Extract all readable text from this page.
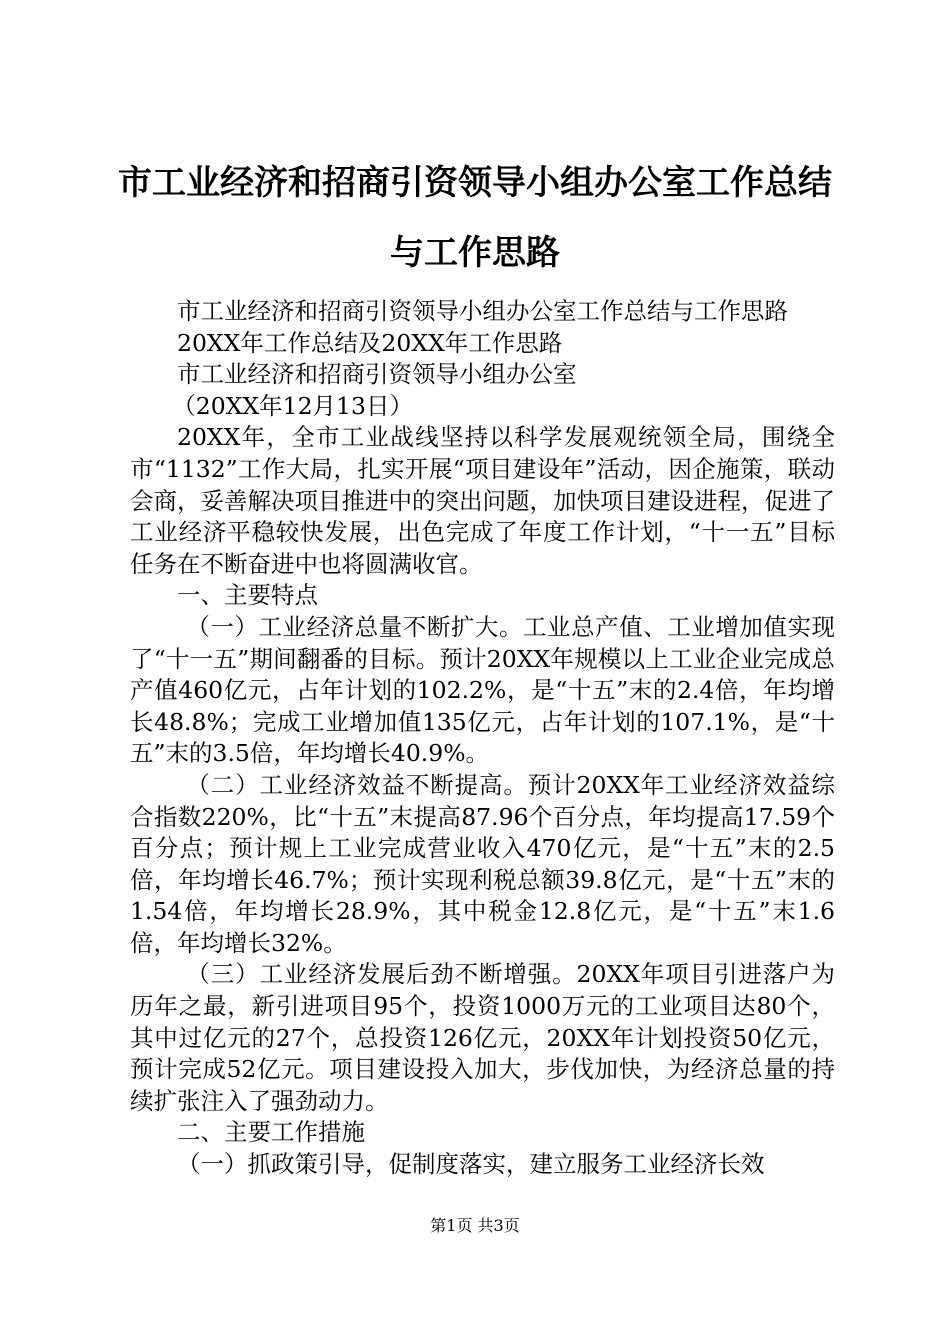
市工业经济和招商引资领导小组办公室工作总结与工作思路

市工业经济和招商引资领导小组办公室工作总结与工作思路

20XX年工作总结及20XX年工作思路

市工业经济和招商引资领导小组办公室

（20XX年12月13日）

20XX年，全市工业战线坚持以科学发展观统领全局，围绕全市“1132”工作大局，扎实开展“项目建设年”活动，因企施策，联动会商，妥善解决项目推进中的突出问题，加快项目建设进程，促进了工业经济平稳较快发展，出色完成了年度工作计划，“十一五”目标任务在不断奋进中也将圆满收官。

一、主要特点

（一）工业经济总量不断扩大。工业总产值、工业增加值实现了“十一五”期间翻番的目标。预计20XX年规模以上工业企业完成总产值460亿元，占年计划的102.2%，是“十五”末的2.4倍，年均增长48.8%；完成工业增加值135亿元，占年计划的107.1%，是“十五”末的3.5倍，年均增长40.9%。

（二）工业经济效益不断提高。预计20XX年工业经济效益综合指数220%，比“十五”末提高87.96个百分点，年均提高17.59个百分点；预计规上工业完成营业收入470亿元，是“十五”末的2.5倍，年均增长46.7%；预计实现利税总额39.8亿元，是“十五”末的1.54倍，年均增长28.9%，其中税金12.8亿元，是“十五”末1.6倍，年均增长32%。

（三）工业经济发展后劲不断增强。20XX年项目引进落户为历年之最，新引进项目95个，投资1000万元的工业项目达80个，其中过亿元的27个，总投资126亿元，20XX年计划投资50亿元，预计完成52亿元。项目建设投入加大，步伐加快，为经济总量的持续扩张注入了强劲动力。

二、主要工作措施

（一）抓政策引导，促制度落实，建立服务工业经济长效

第1页 共3页
